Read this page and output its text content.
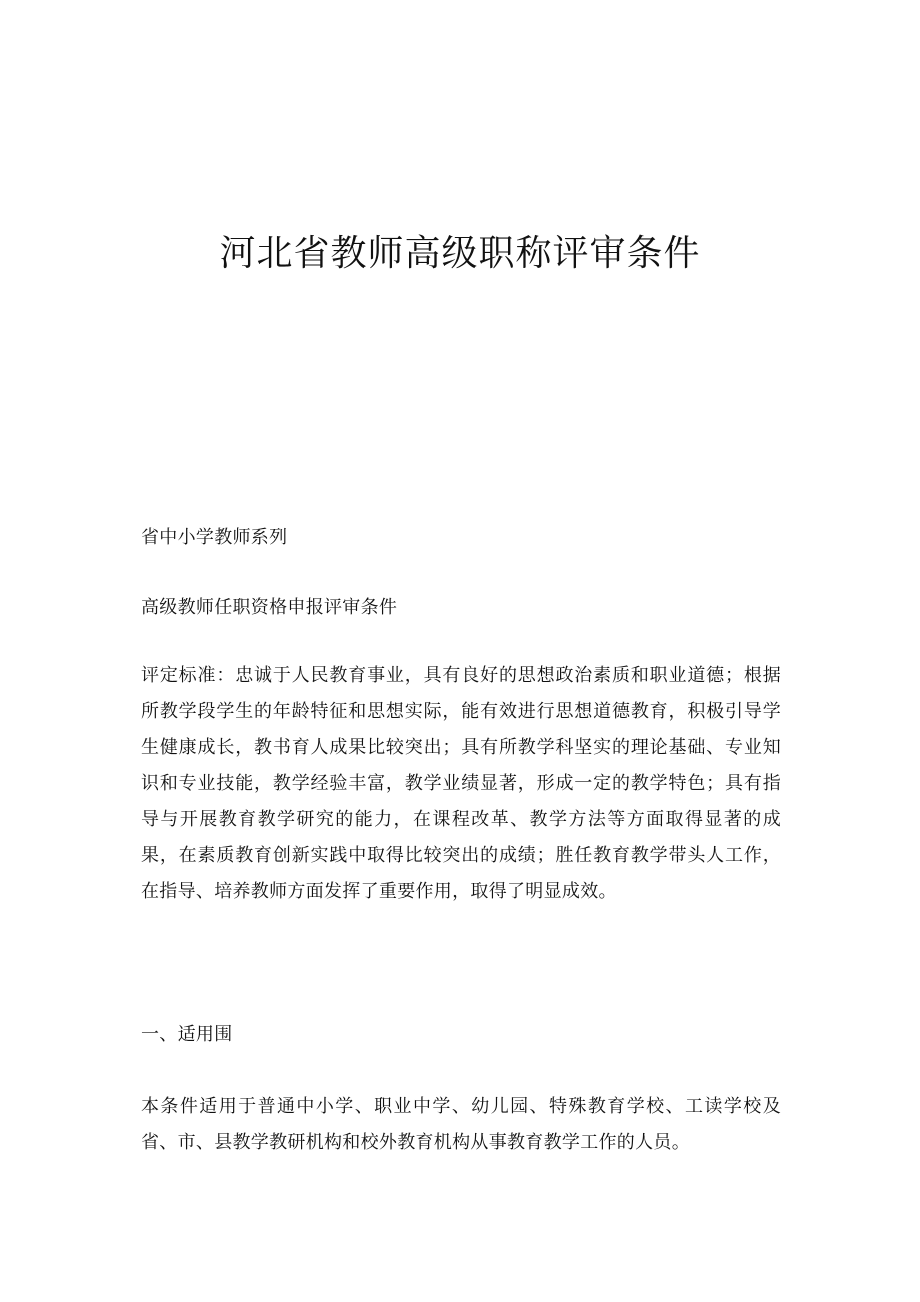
河北省教师高级职称评审条件

省中小学教师系列

高级教师任职资格申报评审条件

评定标准：忠诚于人民教育事业，具有良好的思想政治素质和职业道德；根据所教学段学生的年龄特征和思想实际，能有效进行思想道德教育，积极引导学生健康成长，教书育人成果比较突出；具有所教学科坚实的理论基础、专业知识和专业技能，教学经验丰富，教学业绩显著，形成一定的教学特色；具有指导与开展教育教学研究的能力，在课程改革、教学方法等方面取得显著的成果，在素质教育创新实践中取得比较突出的成绩；胜任教育教学带头人工作，在指导、培养教师方面发挥了重要作用，取得了明显成效。

一、适用围

本条件适用于普通中小学、职业中学、幼儿园、特殊教育学校、工读学校及省、市、县教学教研机构和校外教育机构从事教育教学工作的人员。
